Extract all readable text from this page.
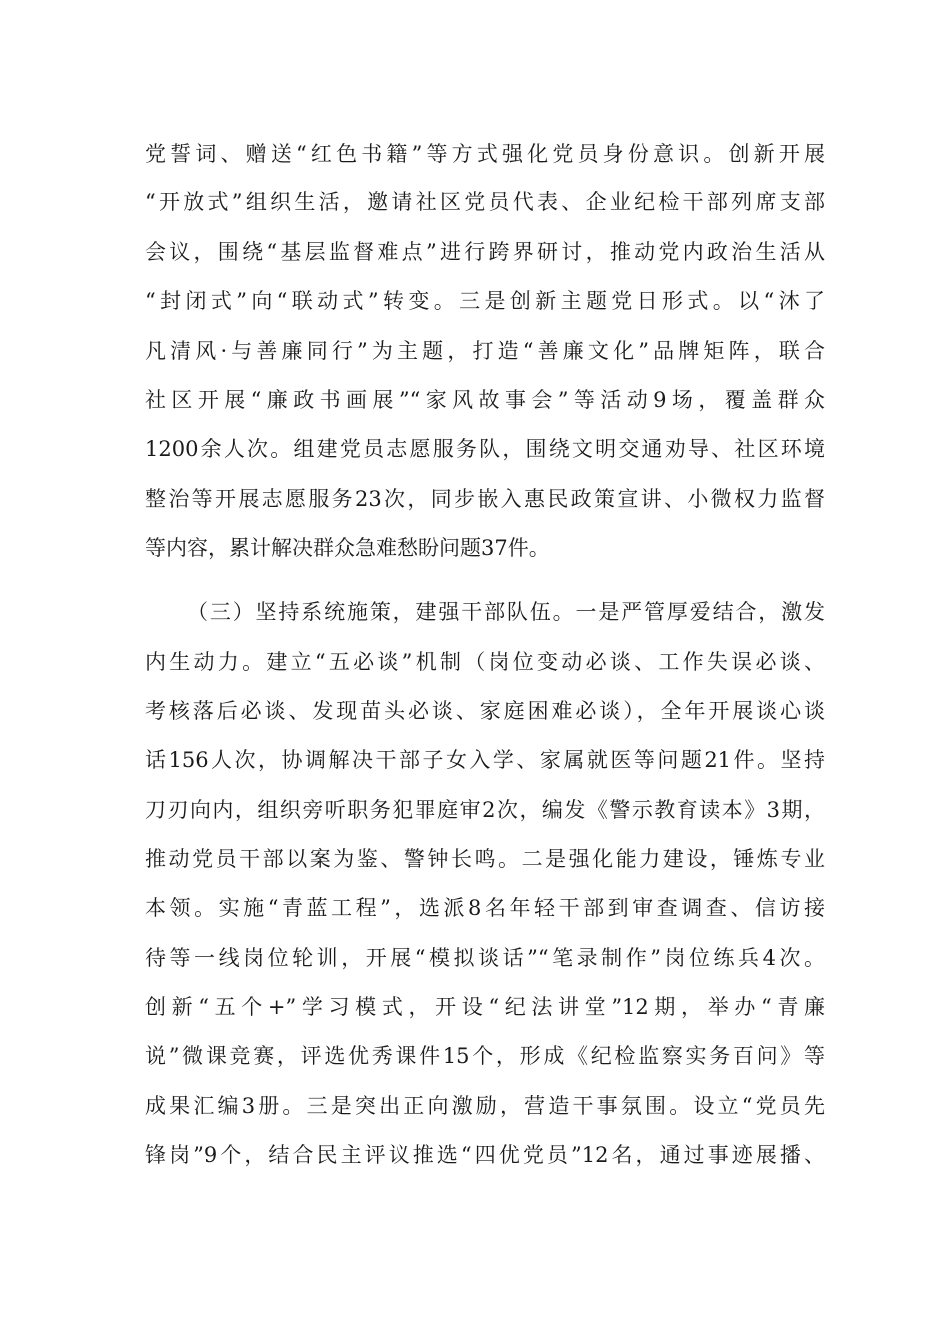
党誓词、赠送“红色书籍”等方式强化党员身份意识。创新开展
“开放式”组织生活，邀请社区党员代表、企业纪检干部列席支部
会议，围绕“基层监督难点”进行跨界研讨，推动党内政治生活从
“封闭式”向“联动式”转变。三是创新主题党日形式。以“沐了
凡清风·与善廉同行”为主题，打造“善廉文化”品牌矩阵，联合
社区开展“廉政书画展”“家风故事会”等活动9场，覆盖群众
1200余人次。组建党员志愿服务队，围绕文明交通劝导、社区环境
整治等开展志愿服务23次，同步嵌入惠民政策宣讲、小微权力监督
等内容，累计解决群众急难愁盼问题37件。
（三）坚持系统施策，建强干部队伍。一是严管厚爱结合，激发
内生动力。建立“五必谈”机制（岗位变动必谈、工作失误必谈、
考核落后必谈、发现苗头必谈、家庭困难必谈），全年开展谈心谈
话156人次，协调解决干部子女入学、家属就医等问题21件。坚持
刀刃向内，组织旁听职务犯罪庭审2次，编发《警示教育读本》3期，
推动党员干部以案为鉴、警钟长鸣。二是强化能力建设，锤炼专业
本领。实施“青蓝工程”，选派8名年轻干部到审查调查、信访接
待等一线岗位轮训，开展“模拟谈话”“笔录制作”岗位练兵4次。
创新“五个+”学习模式，开设“纪法讲堂”12期，举办“青廉
说”微课竞赛，评选优秀课件15个，形成《纪检监察实务百问》等
成果汇编3册。三是突出正向激励，营造干事氛围。设立“党员先
锋岗”9个，结合民主评议推选“四优党员”12名，通过事迹展播、
